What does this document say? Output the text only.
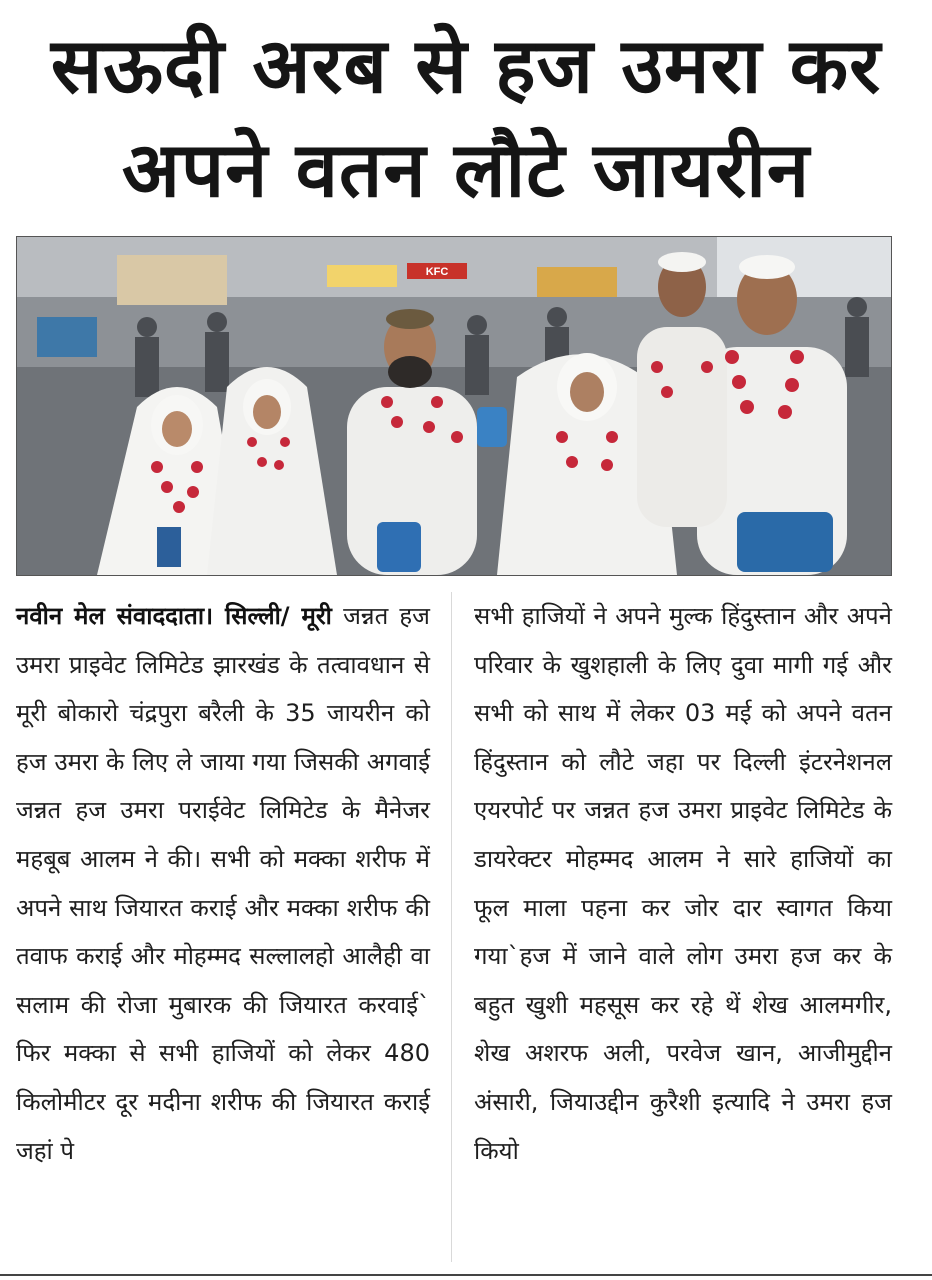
सऊदी अरब से हज उमरा कर
अपने वतन लौटे जायरीन
KFC

नवीन मेल संवाददाता। सिल्ली/ मूरी जन्नत हज उमरा प्राइवेट लिमिटेड झारखंड के तत्वावधान से मूरी बोकारो चंद्रपुरा बरैली के 35 जायरीन को हज उमरा के लिए ले जाया गया जिसकी अगवाई जन्नत हज उमरा पराईवेट लिमिटेड के मैनेजर महबूब आलम ने की। सभी को मक्का शरीफ में अपने साथ जियारत कराई और मक्का शरीफ की तवाफ कराई और मोहम्मद सल्लालहो आलैही वा सलाम की रोजा मुबारक की जियारत करवाई` फिर मक्का से सभी हाजियों को लेकर 480 किलोमीटर दूर मदीना शरीफ की जियारत कराई जहां पे

सभी हाजियों ने अपने मुल्क हिंदुस्तान और अपने परिवार के खुशहाली के लिए दुवा मागी गई और सभी को साथ में लेकर 03 मई को अपने वतन हिंदुस्तान को लौटे जहा पर दिल्ली इंटरनेशनल एयरपोर्ट पर जन्नत हज उमरा प्राइवेट लिमिटेड के डायरेक्टर मोहम्मद आलम ने सारे हाजियों का फूल माला पहना कर जोर दार स्वागत किया गया`हज में जाने वाले लोग उमरा हज कर के बहुत खुशी महसूस कर रहे थें शेख आलमगीर, शेख अशरफ अली, परवेज खान, आजीमुद्दीन अंसारी, जियाउद्दीन कुरैशी इत्यादि ने उमरा हज कियो
